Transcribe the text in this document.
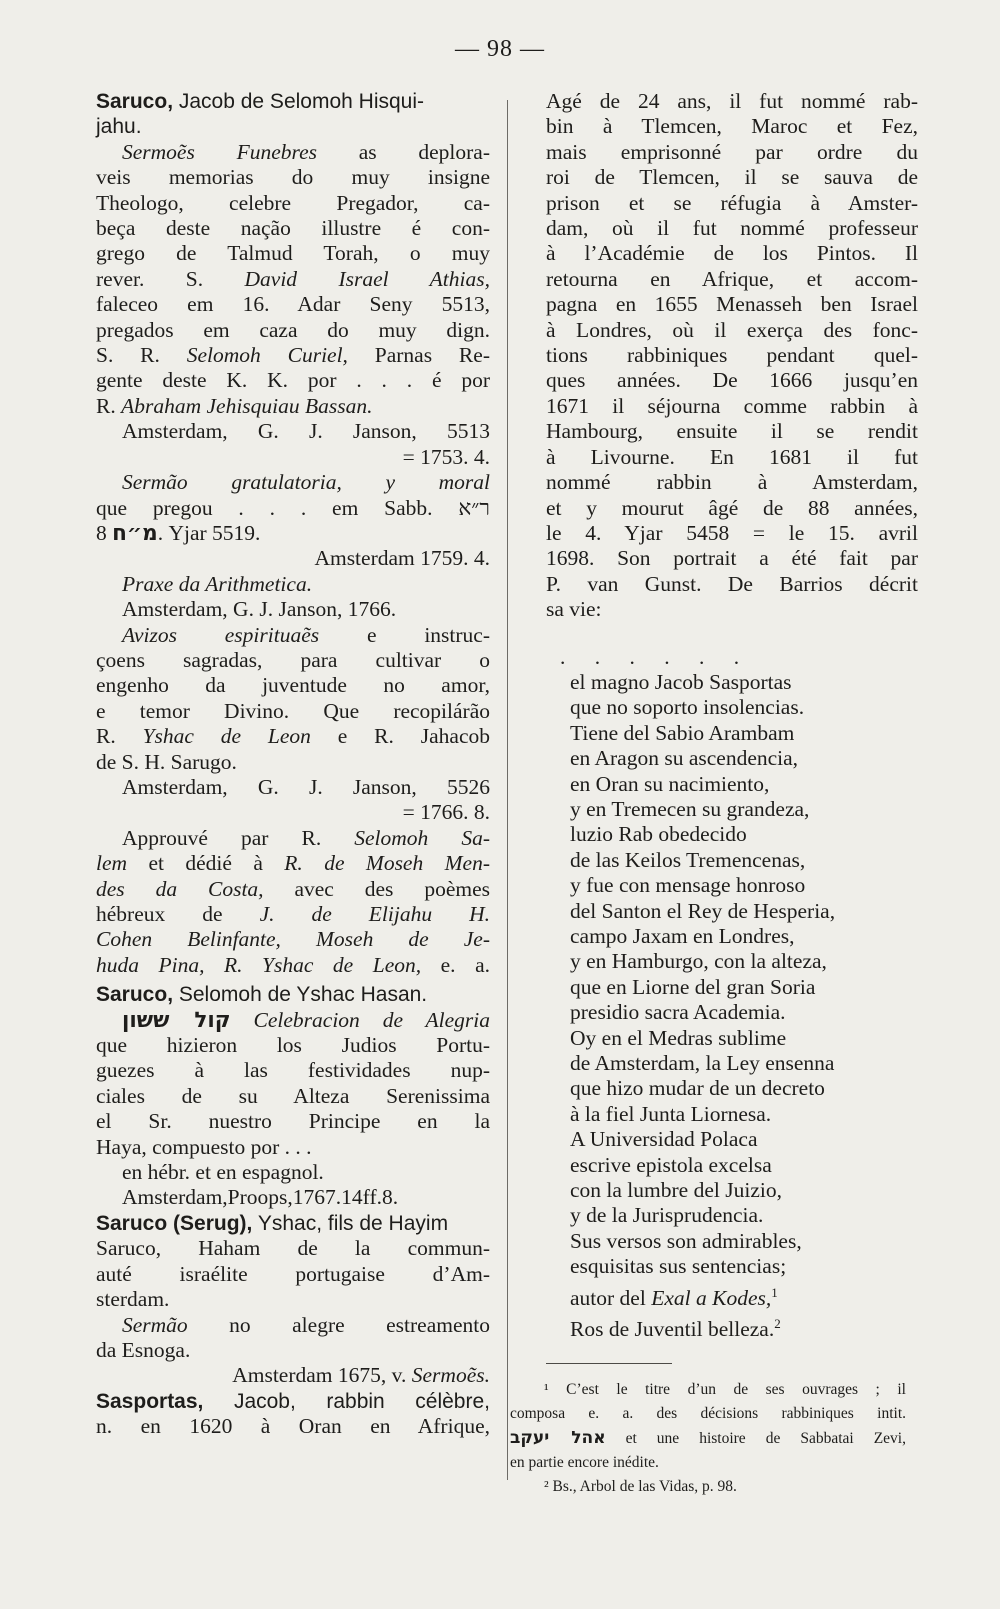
— 98 —
Saruco, Jacob de Selomoh Hisqui-
jahu.
Sermoẽs Funebres as deplora-
veis memorias do muy insigne
Theologo, celebre Pregador, ca-
beça deste nação illustre é con-
grego de Talmud Torah, o muy
rever. S. David Israel Athias,
faleceo em 16. Adar Seny 5513,
pregados em caza do muy dign.
S. R. Selomoh Curiel, Parnas Re-
gente deste K. K. por . . . é por
R. Abraham Jehisquiau Bassan.
Amsterdam, G. J. Janson, 5513
= 1753. 4.
Sermão gratulatoria, y moral
que pregou . . . em Sabb. ר״א
מ״ח 8. Yjar 5519.
Amsterdam 1759. 4.
Praxe da Arithmetica.
Amsterdam, G. J. Janson, 1766.
Avizos espirituaẽs e instruc-
çoens sagradas, para cultivar o
engenho da juventude no amor,
e temor Divino. Que recopilárão
R. Yshac de Leon e R. Jahacob
de S. H. Sarugo.
Amsterdam, G. J. Janson, 5526
= 1766. 8.
Approuvé par R. Selomoh Sa-
lem et dédié à R. de Moseh Men-
des da Costa, avec des poèmes
hébreux de J. de Elijahu H.
Cohen Belinfante, Moseh de Je-
huda Pina, R. Yshac de Leon, e. a.
Saruco, Selomoh de Yshac Hasan.
קול ששון Celebracion de Alegria
que hizieron los Judios Portu-
guezes à las festividades nup-
ciales de su Alteza Serenissima
el Sr. nuestro Principe en la
Haya, compuesto por . . .
en hébr. et en espagnol.
Amsterdam,Proops,1767.14ff.8.
Saruco (Serug), Yshac, fils de Hayim
Saruco, Haham de la commun-
auté israélite portugaise d’Am-
sterdam.
Sermão no alegre estreamento
da Esnoga.
Amsterdam 1675, v. Sermoẽs.
Sasportas, Jacob, rabbin célèbre,
n. en 1620 à Oran en Afrique,
Agé de 24 ans, il fut nommé rab-
bin à Tlemcen, Maroc et Fez,
mais emprisonné par ordre du
roi de Tlemcen, il se sauva de
prison et se réfugia à Amster-
dam, où il fut nommé professeur
à l’Académie de los Pintos. Il
retourna en Afrique, et accom-
pagna en 1655 Menasseh ben Israel
à Londres, où il exerça des fonc-
tions rabbiniques pendant quel-
ques années. De 1666 jusqu’en
1671 il séjourna comme rabbin à
Hambourg, ensuite il se rendit
à Livourne. En 1681 il fut
nommé rabbin à Amsterdam,
et y mourut âgé de 88 années,
le 4. Yjar 5458 = le 15. avril
1698. Son portrait a été fait par
P. van Gunst. De Barrios décrit
sa vie:
. . . . . .
el magno Jacob Sasportas
que no soporto insolencias.
Tiene del Sabio Arambam
en Aragon su ascendencia,
en Oran su nacimiento,
y en Tremecen su grandeza,
luzio Rab obedecido
de las Keilos Tremencenas,
y fue con mensage honroso
del Santon el Rey de Hesperia,
campo Jaxam en Londres,
y en Hamburgo, con la alteza,
que en Liorne del gran Soria
presidio sacra Academia.
Oy en el Medras sublime
de Amsterdam, la Ley ensenna
que hizo mudar de un decreto
à la fiel Junta Liornesa.
A Universidad Polaca
escrive epistola excelsa
con la lumbre del Juizio,
y de la Jurisprudencia.
Sus versos son admirables,
esquisitas sus sentencias;
autor del Exal a Kodes,$^1$
Ros de Juventil belleza.$^2$
¹ C’est le titre d’un de ses ouvrages ; il
composa e. a. des décisions rabbiniques intit.
אהל יעקב et une histoire de Sabbatai Zevi,
en partie encore inédite.
² Bs., Arbol de las Vidas, p. 98.
